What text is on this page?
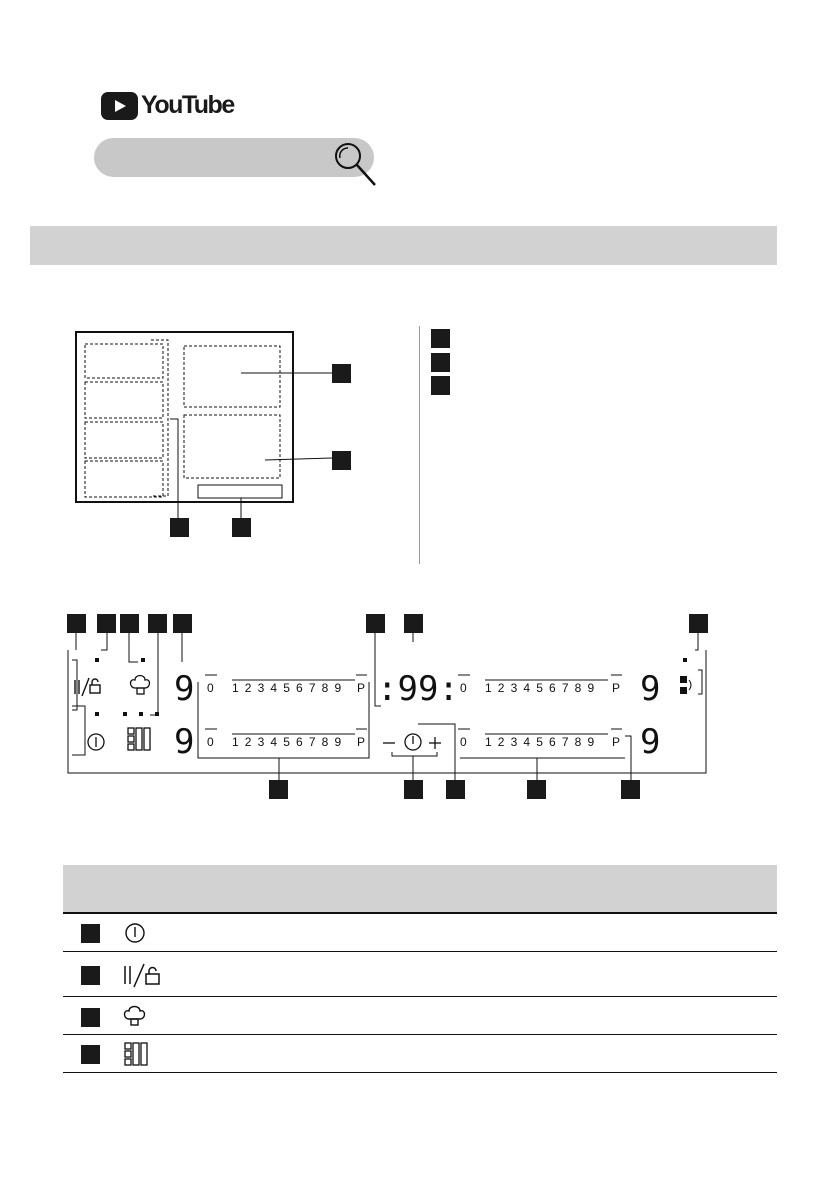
YouTube
9
9
9
9
:99:
0 1 2 3 4 5 6 7 8 9 P	0 1 2 3 4 5 6 7 8 9 P
0 1 2 3 4 5 6 7 8 9 P	0 1 2 3 4 5 6 7 8 9 P
